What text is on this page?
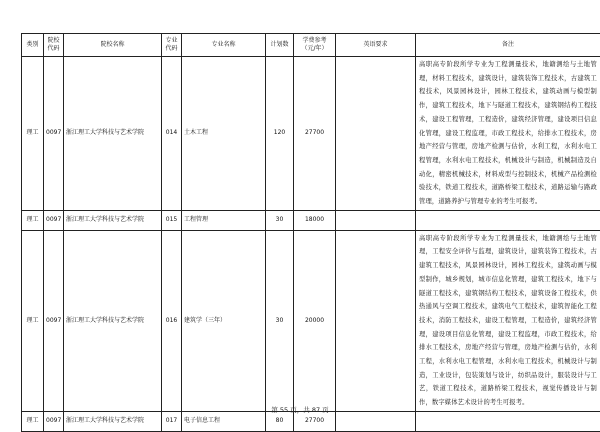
类别	院校代码	院校名称	专业代码	专业名称	计划数	学费参考（元/年）	英语要求	备注
理工	0097	浙江理工大学科技与艺术学院	014	土木工程	120	27700		高职高专阶段所学专业为工程测量技术，地籍测绘与土地管理，材料工程技术，建筑设计，建筑装饰工程技术，古建筑工程技术，风景园林设计，园林工程技术，建筑动画与模型制作，建筑工程技术，地下与隧道工程技术，建筑钢结构工程技术，建设工程管理，工程造价，建筑经济管理，建设项目信息化管理，建设工程监理，市政工程技术，给排水工程技术，房地产经营与管理，房地产检测与估价，水利工程，水利水电工程管理，水利水电工程技术，机械设计与制造，机械制造及自动化，精密机械技术，材料成型与控制技术，机械产品检测检验技术，铁道工程技术，道路桥梁工程技术，道路运输与路政管理，道路养护与管理专业的考生可报考。
理工	0097	浙江理工大学科技与艺术学院	015	工程管理	30	18000		
理工	0097	浙江理工大学科技与艺术学院	016	建筑学（三年）	30	20000		高职高专阶段所学专业为工程测量技术，地籍测绘与土地管理，工程安全评价与监理，建筑设计，建筑装饰工程技术，古建筑工程技术，风景园林设计，园林工程技术，建筑动画与模型制作，城乡规划，城市信息化管理，建筑工程技术，地下与隧道工程技术，建筑钢结构工程技术，建筑设备工程技术，供热通风与空调工程技术，建筑电气工程技术，建筑智能化工程技术，消防工程技术，建设工程管理，工程造价，建筑经济管理，建设项目信息化管理，建设工程监理，市政工程技术，给排水工程技术，房地产经营与管理，房地产检测与估价，水利工程，水利水电工程管理，水利水电工程技术，机械设计与制造，工业设计，包装策划与设计，纺织品设计，服装设计与工艺，铁道工程技术，道路桥梁工程技术，视觉传播设计与制作，数字媒体艺术设计的考生可报考。
理工	0097	浙江理工大学科技与艺术学院	017	电子信息工程	80	27700		
第 55 页，共 87 页
